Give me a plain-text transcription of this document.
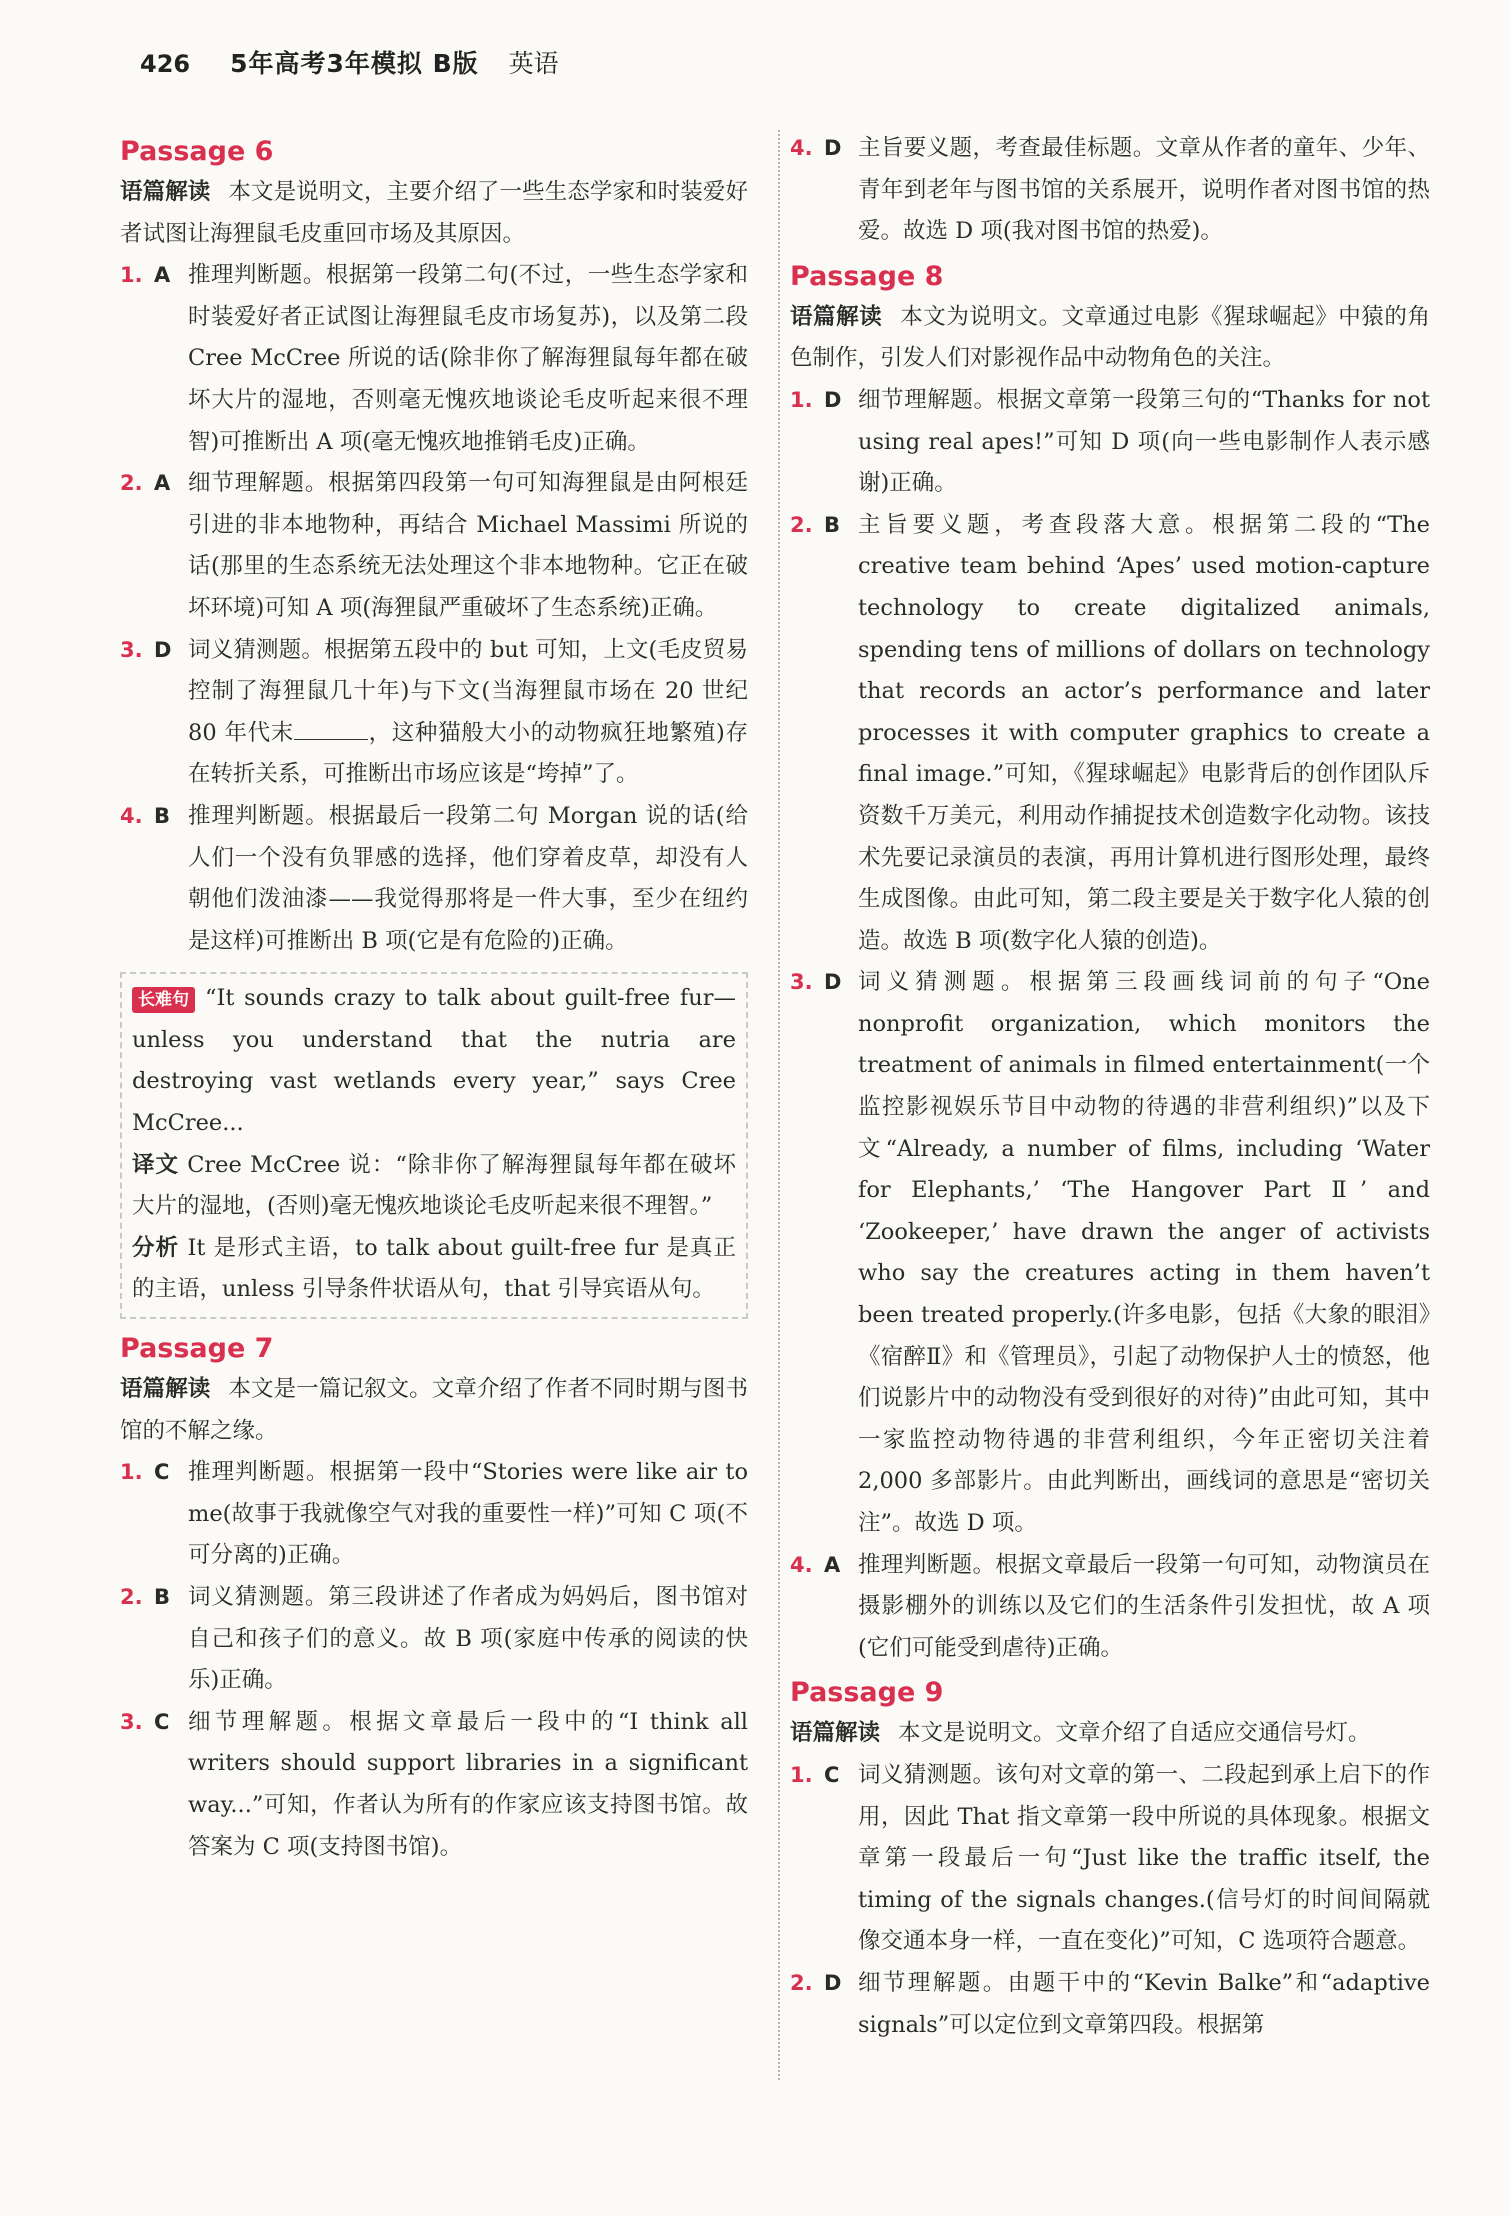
426 5年高考3年模拟 B版 英语
Passage 6
语篇解读 本文是说明文，主要介绍了一些生态学家和时装爱好者试图让海狸鼠毛皮重回市场及其原因。
1. A 推理判断题。根据第一段第二句(不过，一些生态学家和时装爱好者正试图让海狸鼠毛皮市场复苏)，以及第二段 Cree McCree 所说的话(除非你了解海狸鼠每年都在破坏大片的湿地，否则毫无愧疚地谈论毛皮听起来很不理智)可推断出 A 项(毫无愧疚地推销毛皮)正确。
2. A 细节理解题。根据第四段第一句可知海狸鼠是由阿根廷引进的非本地物种，再结合 Michael Massimi 所说的话(那里的生态系统无法处理这个非本地物种。它正在破坏环境)可知 A 项(海狸鼠严重破坏了生态系统)正确。
3. D 词义猜测题。根据第五段中的 but 可知，上文(毛皮贸易控制了海狸鼠几十年)与下文(当海狸鼠市场在 20 世纪 80 年代末	，这种猫般大小的动物疯狂地繁殖)存在转折关系，可推断出市场应该是“垮掉”了。
4. B 推理判断题。根据最后一段第二句 Morgan 说的话(给人们一个没有负罪感的选择，他们穿着皮草，却没有人朝他们泼油漆——我觉得那将是一件大事，至少在纽约是这样)可推断出 B 项(它是有危险的)正确。
长难句 “It sounds crazy to talk about guilt-free fur—unless you understand that the nutria are destroying vast wetlands every year,” says Cree McCree...
译文 Cree McCree 说：“除非你了解海狸鼠每年都在破坏大片的湿地，(否则)毫无愧疚地谈论毛皮听起来很不理智。”
分析 It 是形式主语，to talk about guilt-free fur 是真正的主语，unless 引导条件状语从句，that 引导宾语从句。
Passage 7
语篇解读 本文是一篇记叙文。文章介绍了作者不同时期与图书馆的不解之缘。
1. C 推理判断题。根据第一段中“Stories were like air to me(故事于我就像空气对我的重要性一样)”可知 C 项(不可分离的)正确。
2. B 词义猜测题。第三段讲述了作者成为妈妈后，图书馆对自己和孩子们的意义。故 B 项(家庭中传承的阅读的快乐)正确。
3. C 细节理解题。根据文章最后一段中的“I think all writers should support libraries in a significant way...”可知，作者认为所有的作家应该支持图书馆。故答案为 C 项(支持图书馆)。
4. D 主旨要义题，考查最佳标题。文章从作者的童年、少年、青年到老年与图书馆的关系展开，说明作者对图书馆的热爱。故选 D 项(我对图书馆的热爱)。
Passage 8
语篇解读 本文为说明文。文章通过电影《猩球崛起》中猿的角色制作，引发人们对影视作品中动物角色的关注。
1. D 细节理解题。根据文章第一段第三句的“Thanks for not using real apes!”可知 D 项(向一些电影制作人表示感谢)正确。
2. B 主旨要义题，考查段落大意。根据第二段的“The creative team behind ‘Apes’ used motion-capture technology to create digitalized animals, spending tens of millions of dollars on technology that records an actor’s performance and later processes it with computer graphics to create a final image.”可知，《猩球崛起》电影背后的创作团队斥资数千万美元，利用动作捕捉技术创造数字化动物。该技术先要记录演员的表演，再用计算机进行图形处理，最终生成图像。由此可知，第二段主要是关于数字化人猿的创造。故选 B 项(数字化人猿的创造)。
3. D 词义猜测题。根据第三段画线词前的句子“One nonprofit organization, which monitors the treatment of animals in filmed entertainment(一个监控影视娱乐节目中动物的待遇的非营利组织)”以及下文“Already, a number of films, including ‘Water for Elephants,’ ‘The Hangover Part Ⅱ’ and ‘Zookeeper,’ have drawn the anger of activists who say the creatures acting in them haven’t been treated properly.(许多电影，包括《大象的眼泪》《宿醉Ⅱ》和《管理员》，引起了动物保护人士的愤怒，他们说影片中的动物没有受到很好的对待)”由此可知，其中一家监控动物待遇的非营利组织，今年正密切关注着 2,000 多部影片。由此判断出，画线词的意思是“密切关注”。故选 D 项。
4. A 推理判断题。根据文章最后一段第一句可知，动物演员在摄影棚外的训练以及它们的生活条件引发担忧，故 A 项(它们可能受到虐待)正确。
Passage 9
语篇解读 本文是说明文。文章介绍了自适应交通信号灯。
1. C 词义猜测题。该句对文章的第一、二段起到承上启下的作用，因此 That 指文章第一段中所说的具体现象。根据文章第一段最后一句“Just like the traffic itself, the timing of the signals changes.(信号灯的时间间隔就像交通本身一样，一直在变化)”可知，C 选项符合题意。
2. D 细节理解题。由题干中的“Kevin Balke”和“adaptive signals”可以定位到文章第四段。根据第
